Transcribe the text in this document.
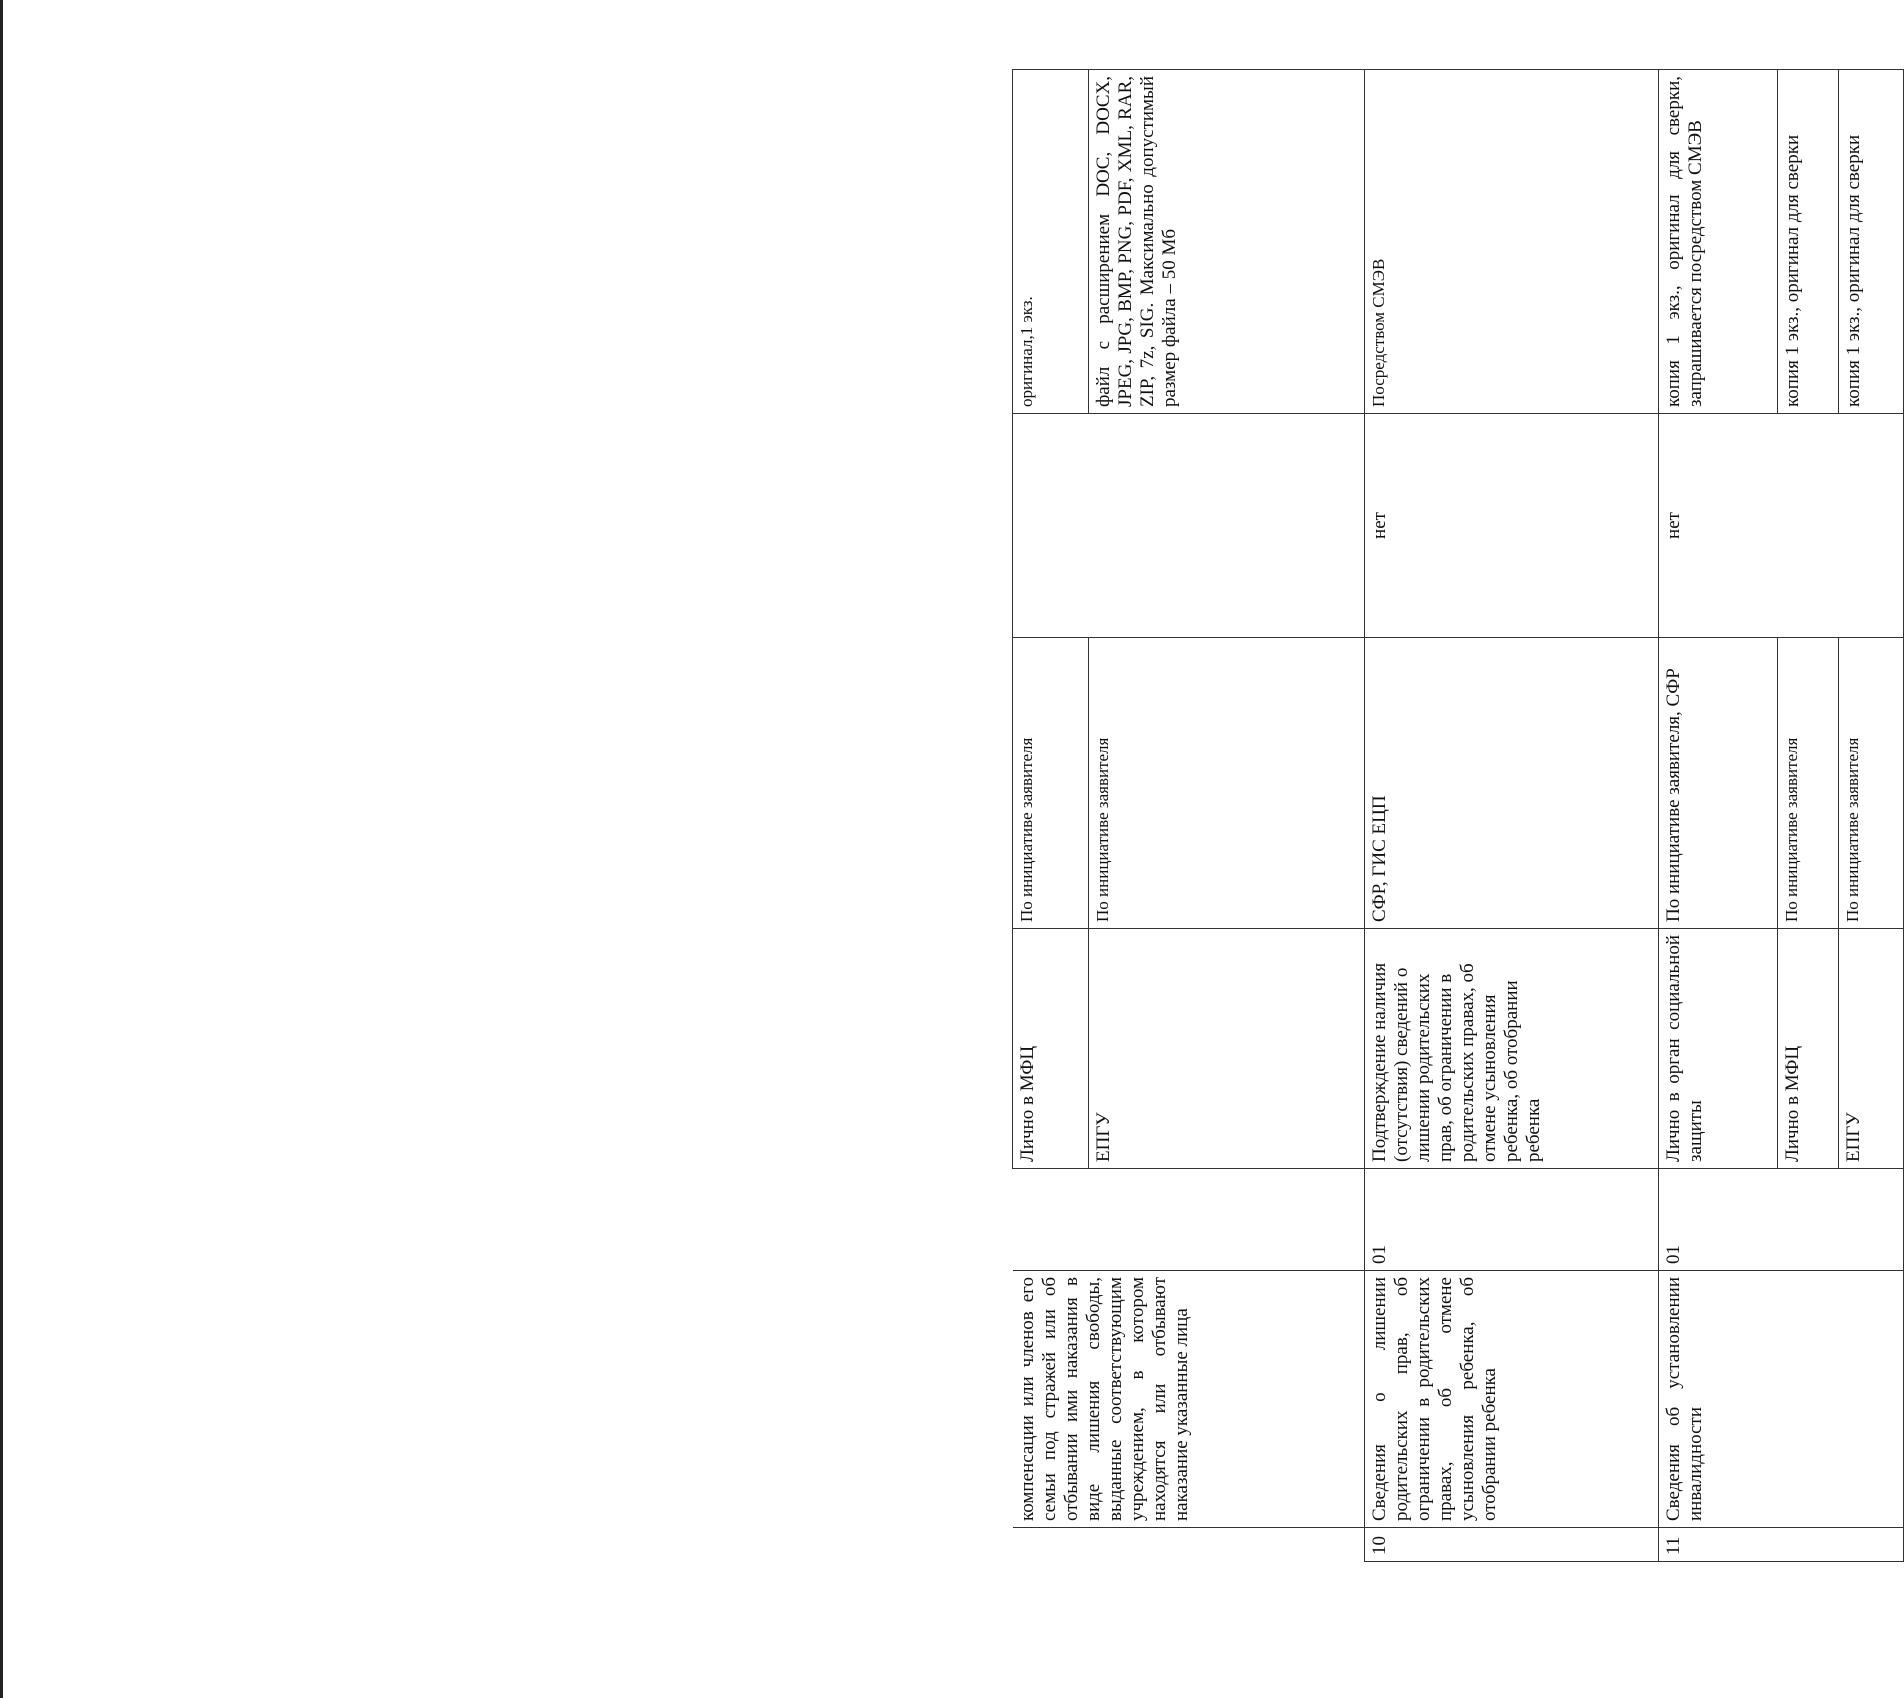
	компенсации или членов его семьи под стражей или об отбывании ими наказания в виде лишения свободы, выданные соответствующим учреждением, в котором находятся или отбывают наказание указанные лица		Лично в МФЦ	По инициативе заявителя		оригинал,1 экз.
			ЕПГУ	По инициативе заявителя		файл с расширением DOC, DOCX, JPEG, JPG, BMP, PNG, PDF, XML, RAR, ZIP, 7z, SIG. Максимально допустимый размер файла – 50 Мб
10	Сведения о лишении родительских прав, об ограничении в родительских правах, об отмене усыновления ребенка, об отобрании ребенка	01	Подтверждение наличия (отсутствия) сведений о лишении родительских прав, об ограничении в родительских правах, об отмене усыновления ребенка, об отобрании ребенка	СФР, ГИС ЕЦП	нет	Посредством СМЭВ
11	Сведения об установлении инвалидности	01	Лично в орган социальной защиты	По инициативе заявителя, СФР	нет	копия 1 экз., оригинал для сверки, запрашивается посредством СМЭВ
			Лично в МФЦ	По инициативе заявителя		копия 1 экз., оригинал для сверки
			ЕПГУ	По инициативе заявителя		копия 1 экз., оригинал для сверки
